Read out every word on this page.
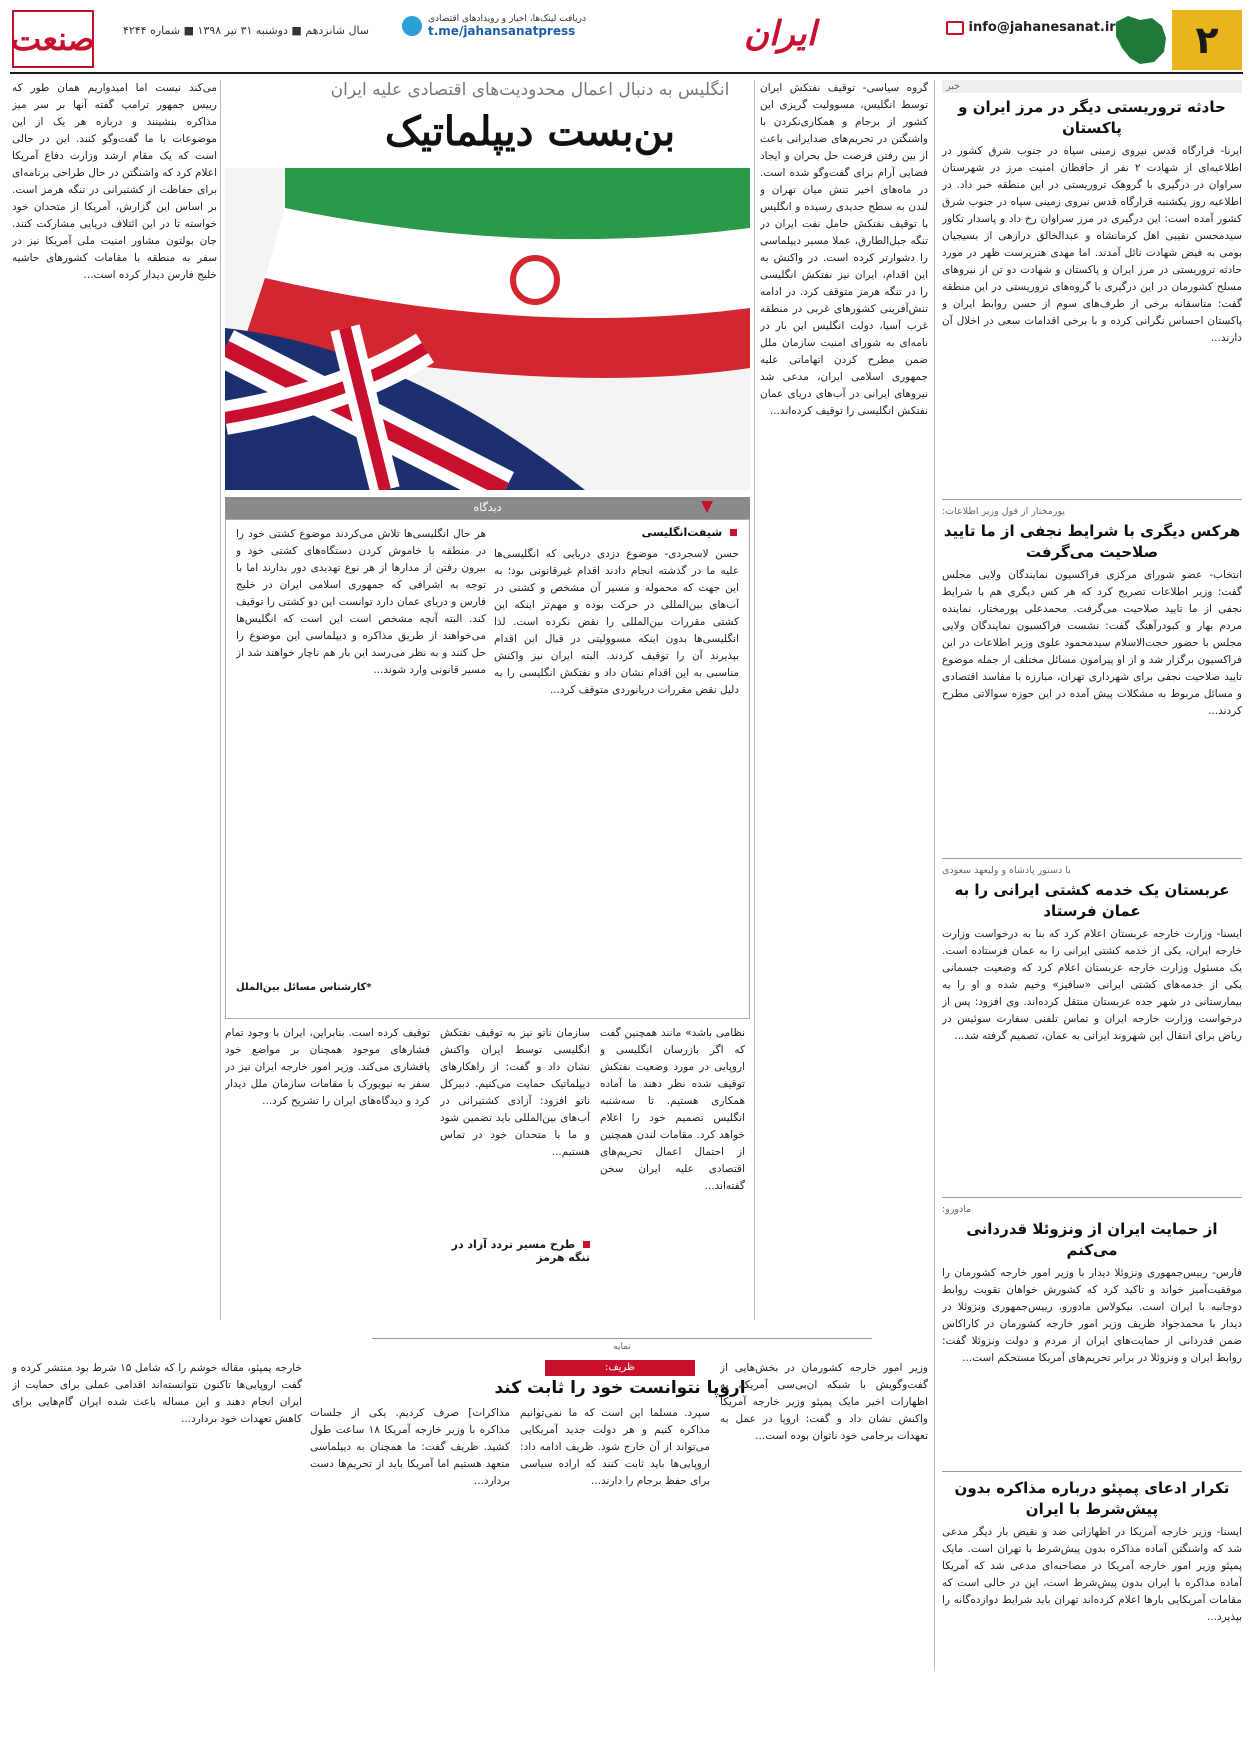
۲
info@jahanesanat.ir
ایران
دریافت لینک‌ها، اخبار و رویدادهای اقتصادی
t.me/jahansanatpress
سال شانزدهم ■ دوشنبه ۳۱ تیر ۱۳۹۸ ■ شماره ۴۲۴۴
صنعت
خبر
حادثه تروریستی دیگر در مرز ایران و پاکستان
ایرنا- قرارگاه قدس نیروی زمینی سپاه در جنوب شرق کشور در اطلاعیه‌ای از شهادت ۲ نفر از حافظان امنیت مرز در شهرستان سراوان در درگیری با گروهک تروریستی در این منطقه خبر داد. در اطلاعیه روز یکشنبه قرارگاه قدس نیروی زمینی سپاه در جنوب شرق کشور آمده است: این درگیری در مرز سراوان رخ داد و پاسدار تکاور سیدمحسن نقیبی اهل کرمانشاه و عبدالخالق درازهی از بسیجیان بومی به فیض شهادت نائل آمدند. اما مهدی هنرپرست ظهر در مورد حادثه تروریستی در مرز ایران و پاکستان و شهادت دو تن از نیروهای مسلح کشورمان در این درگیری با گروه‌های تروریستی در این منطقه گفت: متاسفانه برخی از طرف‌های سوم از حسن روابط ایران و پاکستان احساس نگرانی کرده و با برخی اقدامات سعی در اخلال آن دارند...
پورمختار از قول وزیر اطلاعات:
هرکس دیگری با شرایط نجفی از ما تایید صلاحیت می‌گرفت
انتخاب- عضو شورای مرکزی فراکسیون نمایندگان ولایی مجلس گفت: وزیر اطلاعات تصریح کرد که هر کس دیگری هم با شرایط نجفی از ما تایید صلاحیت می‌گرفت. محمدعلی پورمختار، نماینده مردم بهار و کبودرآهنگ گفت: نشست فراکسیون نمایندگان ولایی مجلس با حضور حجت‌الاسلام سیدمحمود علوی وزیر اطلاعات در این فراکسیون برگزار شد و از او پیرامون مسائل مختلف از جمله موضوع تایید صلاحیت نجفی برای شهرداری تهران، مبارزه با مفاسد اقتصادی و مسائل مربوط به مشکلات پیش آمده در این حوزه سوالاتی مطرح کردند...
با دستور پادشاه و ولیعهد سعودی
عربستان یک خدمه کشتی ایرانی را به عمان فرستاد
ایسنا- وزارت خارجه عربستان اعلام کرد که بنا به درخواست وزارت خارجه ایران، یکی از خدمه کشتی ایرانی را به عمان فرستاده است. یک مسئول وزارت خارجه عربستان اعلام کرد که وضعیت جسمانی یکی از خدمه‌های کشتی ایرانی «سافیز» وخیم شده و او را به بیمارستانی در شهر جده عربستان منتقل کرده‌اند. وی افزود: پس از درخواست وزارت خارجه ایران و تماس تلفنی سفارت سوئیس در ریاض برای انتقال این شهروند ایرانی به عمان، تصمیم گرفته شد...
مادورو:
از حمایت ایران از ونزوئلا قدردانی می‌کنم
فارس- رییس‌جمهوری ونزوئلا دیدار با وزیر امور خارجه کشورمان را موفقیت‌آمیز خواند و تاکید کرد که کشورش خواهان تقویت روابط دوجانبه با ایران است. نیکولاس مادورو، رییس‌جمهوری ونزوئلا در دیدار با محمدجواد ظریف وزیر امور خارجه کشورمان در کاراکاس ضمن قدردانی از حمایت‌های ایران از مردم و دولت ونزوئلا گفت: روابط ایران و ونزوئلا در برابر تحریم‌های آمریکا مستحکم است...
تکرار ادعای پمپئو درباره مذاکره بدون پیش‌شرط با ایران
ایسنا- وزیر خارجه آمریکا در اظهاراتی ضد و نقیض بار دیگر مدعی شد که واشنگتن آماده مذاکره بدون پیش‌شرط با تهران است. مایک پمپئو وزیر امور خارجه آمریکا در مصاحبه‌ای مدعی شد که آمریکا آماده مذاکره با ایران بدون پیش‌شرط است، این در حالی است که مقامات آمریکایی بارها اعلام کرده‌اند تهران باید شرایط دوازده‌گانه را بپذیرد...
انگلیس به دنبال اعمال محدودیت‌های اقتصادی علیه ایران
بن‌بست دیپلماتیک
گروه سیاسی- توقیف نفتکش ایران توسط انگلیس، مسوولیت گریزی این کشور از برجام و همکاری‌نکردن با واشنگتن در تحریم‌های ضدایرانی باعث از بین رفتن فرصت حل بحران و ایجاد فضایی آرام برای گفت‌وگو شده است. در ماه‌های اخیر تنش میان تهران و لندن به سطح جدیدی رسیده و انگلیس با توقیف نفتکش حامل نفت ایران در تنگه جبل‌الطارق، عملا مسیر دیپلماسی را دشوارتر کرده است. در واکنش به این اقدام، ایران نیز نفتکش انگلیسی را در تنگه هرمز متوقف کرد. در ادامه تنش‌آفرینی کشورهای غربی در منطقه غرب آسیا، دولت انگلیس این بار در نامه‌ای به شورای امنیت سازمان ملل ضمن مطرح کردن اتهاماتی علیه جمهوری اسلامی ایران، مدعی شد نیروهای ایرانی در آب‌های دریای عمان نفتکش انگلیسی را توقیف کرده‌اند...
می‌کند نیست اما امیدواریم همان طور که رییس جمهور ترامپ گفته آنها بر سر میز مذاکره بنشینند و درباره هر یک از این موضوعات با ما گفت‌وگو کنند. این در حالی است که یک مقام ارشد وزارت دفاع آمریکا اعلام کرد که واشنگتن در حال طراحی برنامه‌ای برای حفاظت از کشتیرانی در تنگه هرمز است. بر اساس این گزارش، آمریکا از متحدان خود خواسته تا در این ائتلاف دریایی مشارکت کنند. جان بولتون مشاور امنیت ملی آمریکا نیز در سفر به منطقه با مقامات کشورهای حاشیه خلیج فارس دیدار کرده است...
دیدگاه
شیفت‌انگلیسی
حسن لاسجردی- موضوع دزدی دریایی که انگلیسی‌ها علیه ما در گذشته انجام دادند اقدام غیرقانونی بود؛ به این جهت که محموله و مسیر آن مشخص و کشتی در آب‌های بین‌المللی در حرکت بوده و مهم‌تر اینکه این کشتی مقررات بین‌المللی را نقض نکرده است. لذا انگلیسی‌ها بدون اینکه مسوولیتی در قبال این اقدام بپذیرند آن را توقیف کردند. البته ایران نیز واکنش مناسبی به این اقدام نشان داد و نفتکش انگلیسی را به دلیل نقض مقررات دریانوردی متوقف کرد...
هر حال انگلیسی‌ها تلاش می‌کردند موضوع کشتی خود را در منطقه با خاموش کردن دستگاه‌های کشتی خود و بیرون رفتن از مدارها از هر نوع تهدیدی دور بدارند اما با توجه به اشرافی که جمهوری اسلامی ایران در خلیج فارس و دریای عمان دارد توانست این دو کشتی را توقیف کند. البته آنچه مشخص است این است که انگلیس‌ها می‌خواهند از طریق مذاکره و دیپلماسی این موضوع را حل کنند و به نظر می‌رسد این بار هم ناچار خواهند شد از مسیر قانونی وارد شوند...
*کارشناس مسائل بین‌الملل
نظامی باشد» مانند همچنین گفت که اگر بازرسان انگلیسی و اروپایی در مورد وضعیت نفتکش توقیف شده نظر دهند ما آماده همکاری هستیم. تا سه‌شنبه انگلیس تصمیم خود را اعلام خواهد کرد. مقامات لندن همچنین از احتمال اعمال تحریم‌های اقتصادی علیه ایران سخن گفته‌اند...
سازمان ناتو نیز به توقیف نفتکش انگلیسی توسط ایران واکنش نشان داد و گفت: از راهکارهای دیپلماتیک حمایت می‌کنیم. دبیرکل ناتو افزود: آزادی کشتیرانی در آب‌های بین‌المللی باید تضمین شود و ما با متحدان خود در تماس هستیم...
طرح مسیر تردد آزاد در تنگه هرمز
توقیف کرده است. بنابراین، ایران با وجود تمام فشارهای موجود همچنان بر مواضع خود پافشاری می‌کند. وزیر امور خارجه ایران نیز در سفر به نیویورک با مقامات سازمان ملل دیدار کرد و دیدگاه‌های ایران را تشریح کرد...
نمایه
ظریف:
اروپا نتوانست خود را ثابت کند
وزیر امور خارجه کشورمان در بخش‌هایی از گفت‌وگویش با شبکه ان‌بی‌سی آمریکا، به اظهارات اخیر مایک پمپئو وزیر خارجه آمریکا واکنش نشان داد و گفت: اروپا در عمل به تعهدات برجامی خود ناتوان بوده است...
سپرد. مسلما این است که ما نمی‌توانیم مذاکره کنیم و هر دولت جدید آمریکایی می‌تواند از آن خارج شود. ظریف ادامه داد: اروپایی‌ها باید ثابت کنند که اراده سیاسی برای حفظ برجام را دارند...
مذاکرات] صرف کردیم. یکی از جلسات مذاکره با وزیر خارجه آمریکا ۱۸ ساعت طول کشید. ظریف گفت: ما همچنان به دیپلماسی متعهد هستیم اما آمریکا باید از تحریم‌ها دست بردارد...
خارجه پمپئو، مقاله خوشم را که شامل ۱۵ شرط بود منتشر کرده و گفت اروپایی‌ها تاکنون نتوانسته‌اند اقدامی عملی برای حمایت از ایران انجام دهند و این مساله باعث شده ایران گام‌هایی برای کاهش تعهدات خود بردارد...
